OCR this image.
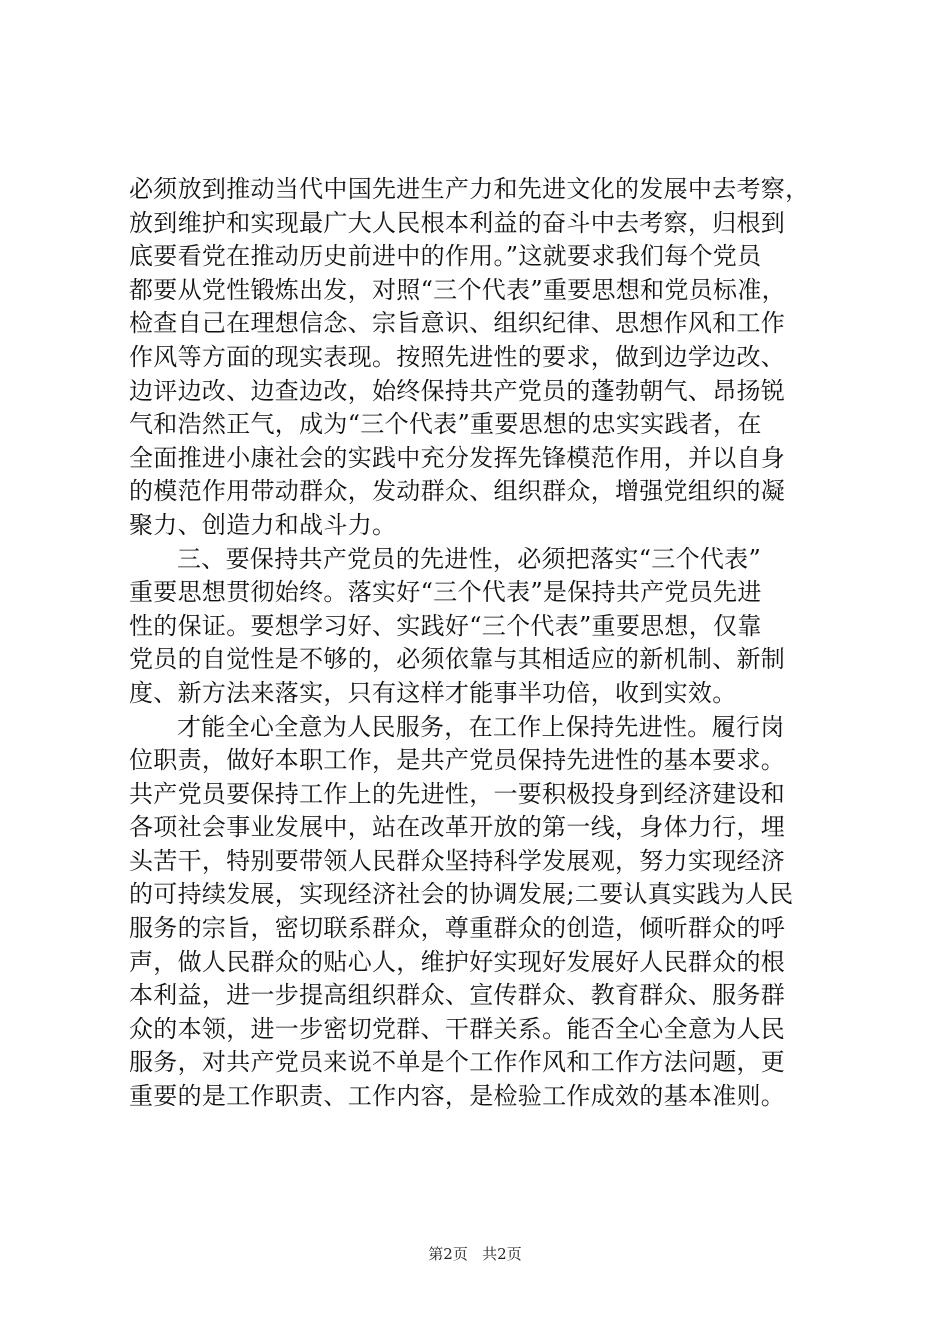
必须放到推动当代中国先进生产力和先进文化的发展中去考察，
放到维护和实现最广大人民根本利益的奋斗中去考察，归根到
底要看党在推动历史前进中的作用。”这就要求我们每个党员
都要从党性锻炼出发，对照“三个代表”重要思想和党员标准，
检查自己在理想信念、宗旨意识、组织纪律、思想作风和工作
作风等方面的现实表现。按照先进性的要求，做到边学边改、
边评边改、边查边改，始终保持共产党员的蓬勃朝气、昂扬锐
气和浩然正气，成为“三个代表”重要思想的忠实实践者，在
全面推进小康社会的实践中充分发挥先锋模范作用，并以自身
的模范作用带动群众，发动群众、组织群众，增强党组织的凝
聚力、创造力和战斗力。
三、要保持共产党员的先进性，必须把落实“三个代表”
重要思想贯彻始终。落实好“三个代表”是保持共产党员先进
性的保证。要想学习好、实践好“三个代表”重要思想，仅靠
党员的自觉性是不够的，必须依靠与其相适应的新机制、新制
度、新方法来落实，只有这样才能事半功倍，收到实效。
才能全心全意为人民服务，在工作上保持先进性。履行岗
位职责，做好本职工作，是共产党员保持先进性的基本要求。
共产党员要保持工作上的先进性，一要积极投身到经济建设和
各项社会事业发展中，站在改革开放的第一线，身体力行，埋
头苦干，特别要带领人民群众坚持科学发展观，努力实现经济
的可持续发展，实现经济社会的协调发展;二要认真实践为人民
服务的宗旨，密切联系群众，尊重群众的创造，倾听群众的呼
声，做人民群众的贴心人，维护好实现好发展好人民群众的根
本利益，进一步提高组织群众、宣传群众、教育群众、服务群
众的本领，进一步密切党群、干群关系。能否全心全意为人民
服务，对共产党员来说不单是个工作作风和工作方法问题，更
重要的是工作职责、工作内容，是检验工作成效的基本准则。
第2页 共2页
